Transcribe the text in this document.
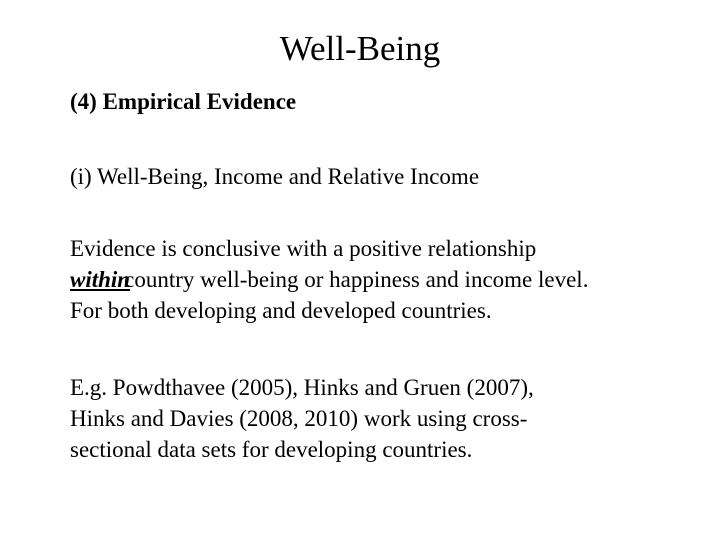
Well-Being
(4) Empirical Evidence
(i) Well-Being, Income and Relative Income
Evidence is conclusive with a positive relationship
withincountry well-being or happiness and income level.
For both developing and developed countries.
E.g. Powdthavee (2005), Hinks and Gruen (2007),
Hinks and Davies (2008, 2010) work using cross-
sectional data sets for developing countries.
